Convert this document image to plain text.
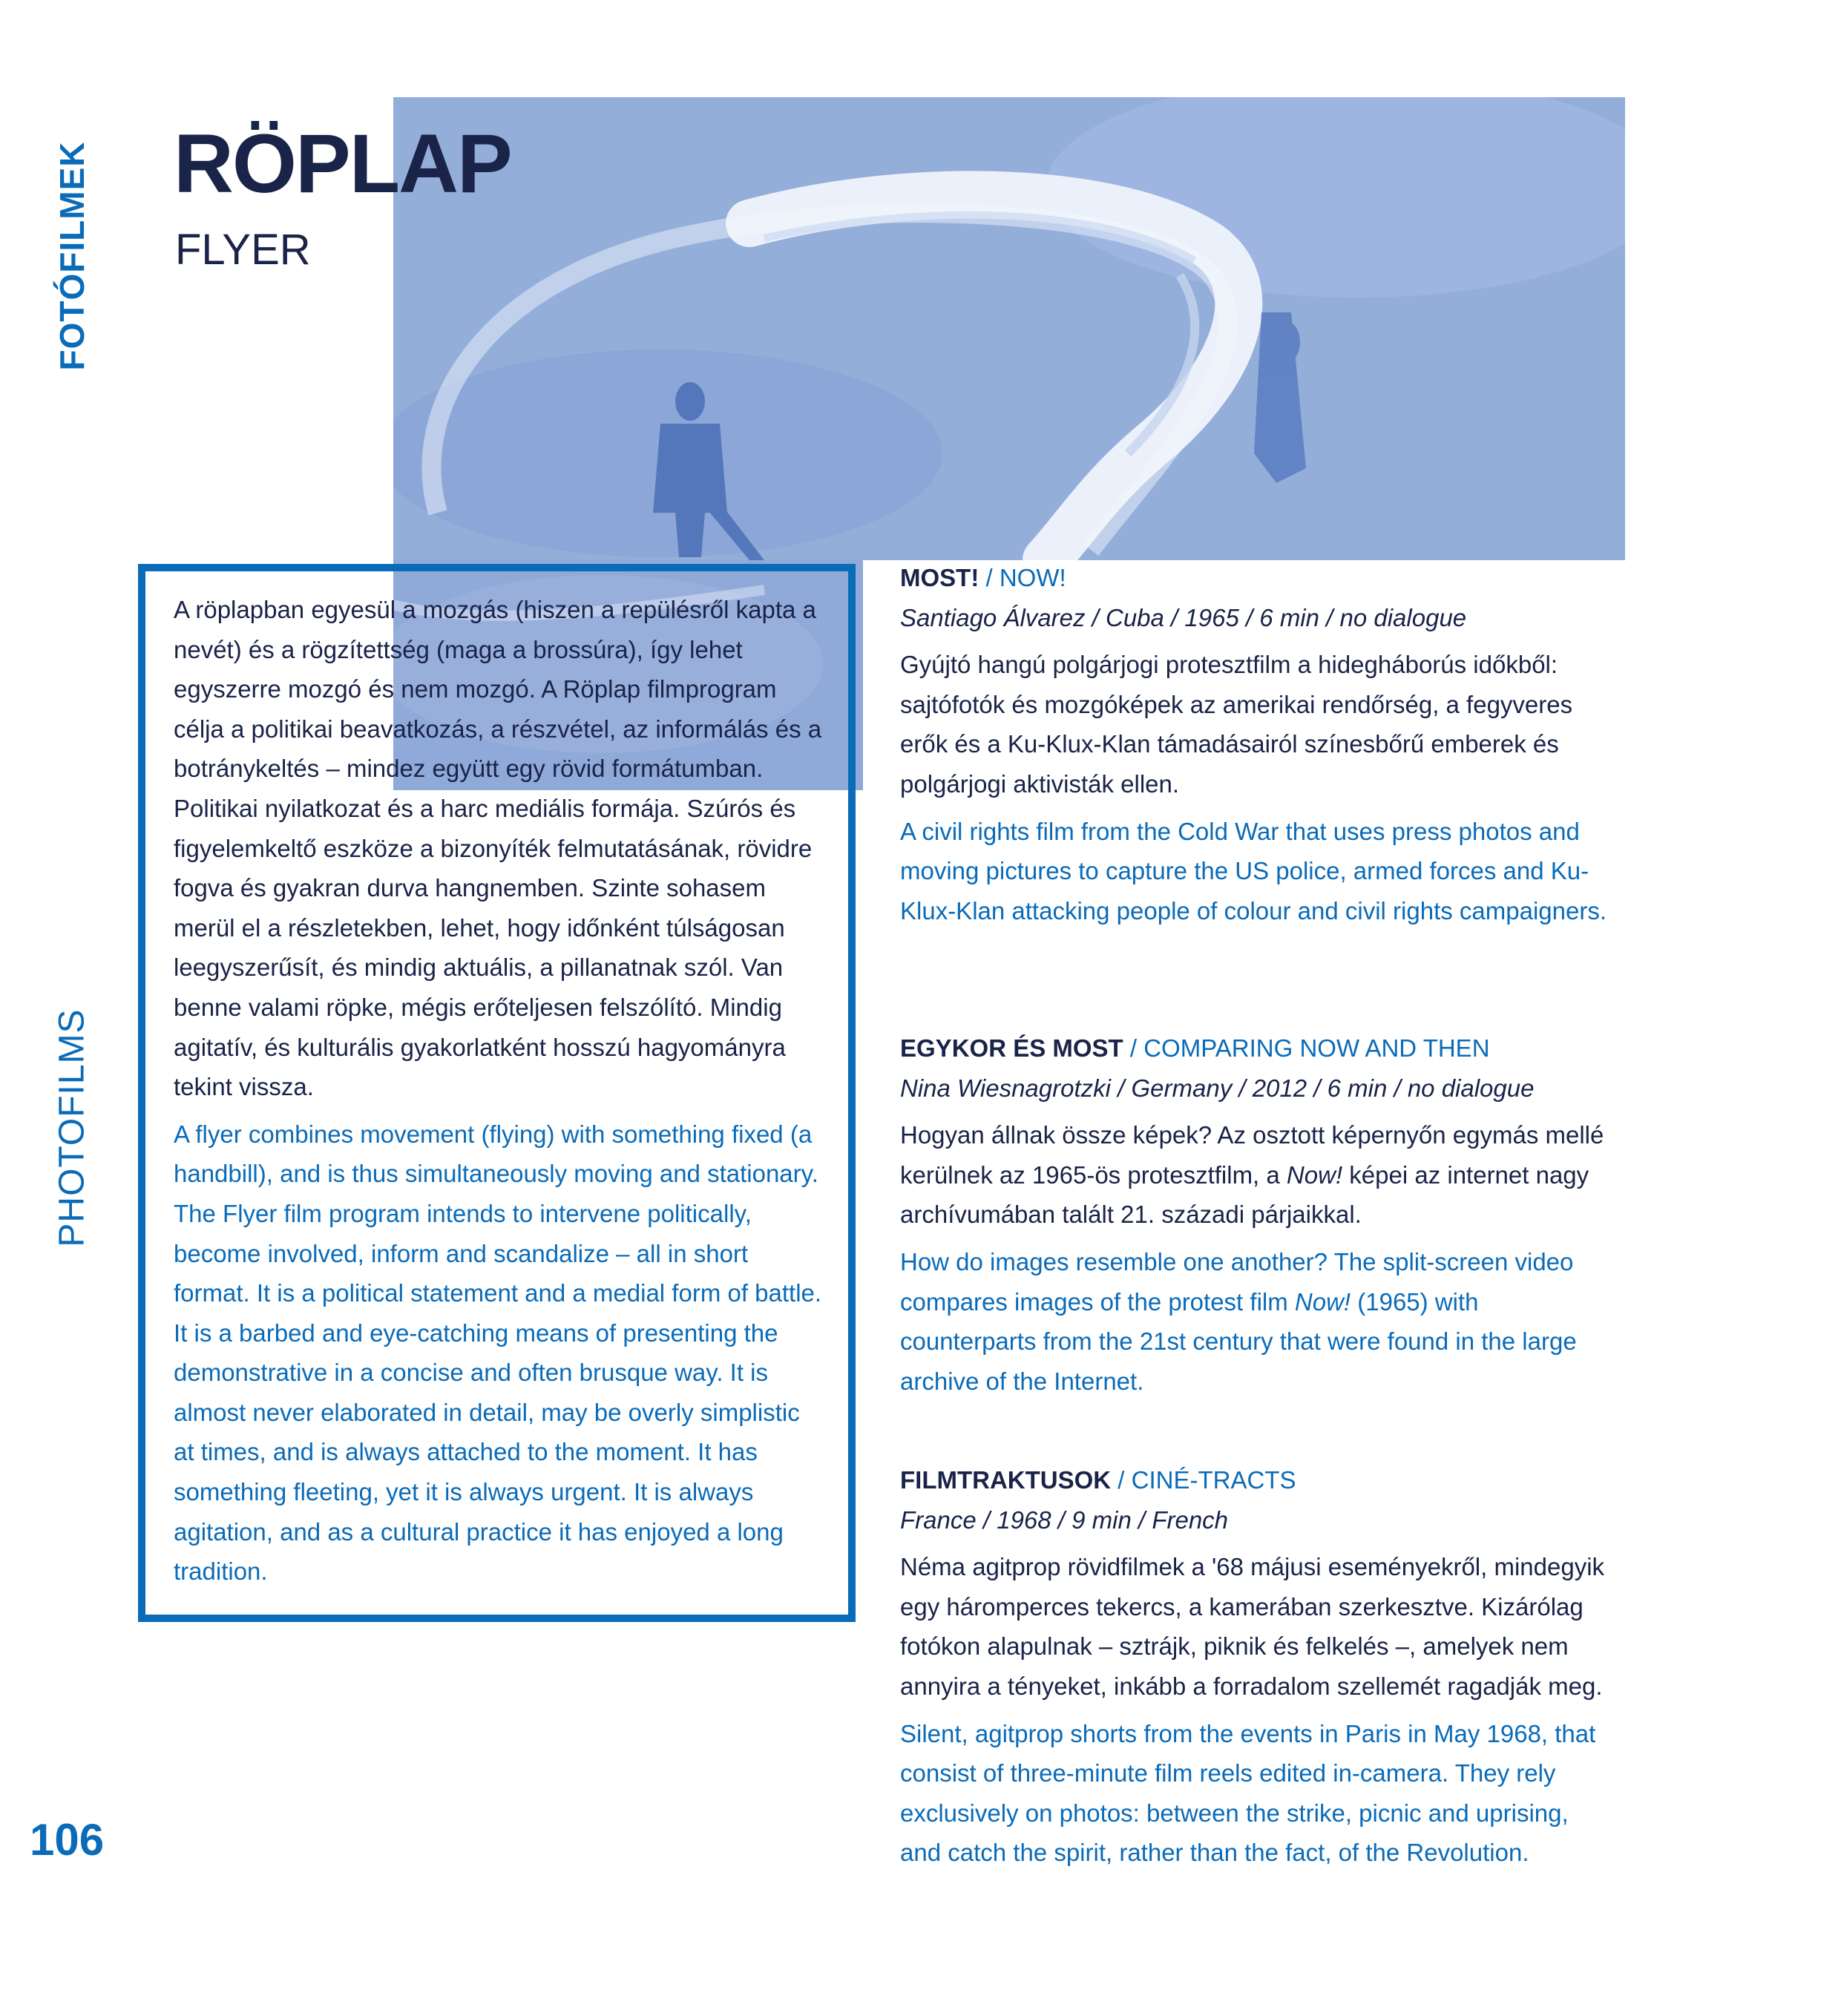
FOTÓFILMEK
PHOTOFILMS
RÖPLAP
FLYER

A röplapban egyesül a mozgás (hiszen a repülésről kapta a nevét) és a rögzítettség (maga a brossúra), így lehet egyszerre mozgó és nem mozgó. A Röplap filmprogram célja a politikai beavatkozás, a részvétel, az informálás és a botránykeltés – mindez együtt egy rövid formátumban. Politikai nyilatkozat és a harc mediális formája. Szúrós és figyelemkeltő eszköze a bizonyíték felmutatásának, rövidre fogva és gyakran durva hangnemben. Szinte sohasem merül el a részletekben, lehet, hogy időnként túlságosan leegyszerűsít, és mindig aktuális, a pillanatnak szól. Van benne valami röpke, mégis erőteljesen felszólító. Mindig agitatív, és kulturális gyakorlatként hosszú hagyományra tekint vissza.

A flyer combines movement (flying) with something fixed (a handbill), and is thus simultaneously moving and stationary. The Flyer film program intends to intervene politically, become involved, inform and scandalize – all in short format. It is a political statement and a medial form of battle. It is a barbed and eye-catching means of presenting the demonstrative in a concise and often brusque way. It is almost never elaborated in detail, may be overly simplistic at times, and is always attached to the moment. It has something fleeting, yet it is always urgent. It is always agitation, and as a cultural practice it has enjoyed a long tradition.

MOST! / NOW!

Santiago Álvarez / Cuba / 1965 / 6 min / no dialogue

Gyújtó hangú polgárjogi protesztfilm a hidegháborús időkből: sajtófotók és mozgóképek az amerikai rendőrség, a fegyveres erők és a Ku-Klux-Klan támadásairól színesbőrű emberek és polgárjogi aktivisták ellen.

A civil rights film from the Cold War that uses press photos and moving pictures to capture the US police, armed forces and Ku-Klux-Klan attacking people of colour and civil rights campaigners.

EGYKOR ÉS MOST / COMPARING NOW AND THEN

Nina Wiesnagrotzki / Germany / 2012 / 6 min / no dialogue

Hogyan állnak össze képek? Az osztott képernyőn egymás mellé kerülnek az 1965-ös protesztfilm, a Now! képei az internet nagy archívumában talált 21. századi párjaikkal.

How do images resemble one another? The split-screen video compares images of the protest film Now! (1965) with counterparts from the 21st century that were found in the large archive of the Internet.

FILMTRAKTUSOK / CINÉ-TRACTS

France / 1968 / 9 min / French

Néma agitprop rövidfilmek a '68 májusi eseményekről, mindegyik egy háromperces tekercs, a kamerában szerkesztve. Kizárólag fotókon alapulnak – sztrájk, piknik és felkelés –, amelyek nem annyira a tényeket, inkább a forradalom szellemét ragadják meg.

Silent, agitprop shorts from the events in Paris in May 1968, that consist of three-minute film reels edited in-camera. They rely exclusively on photos: between the strike, picnic and uprising, and catch the spirit, rather than the fact, of the Revolution.

106
